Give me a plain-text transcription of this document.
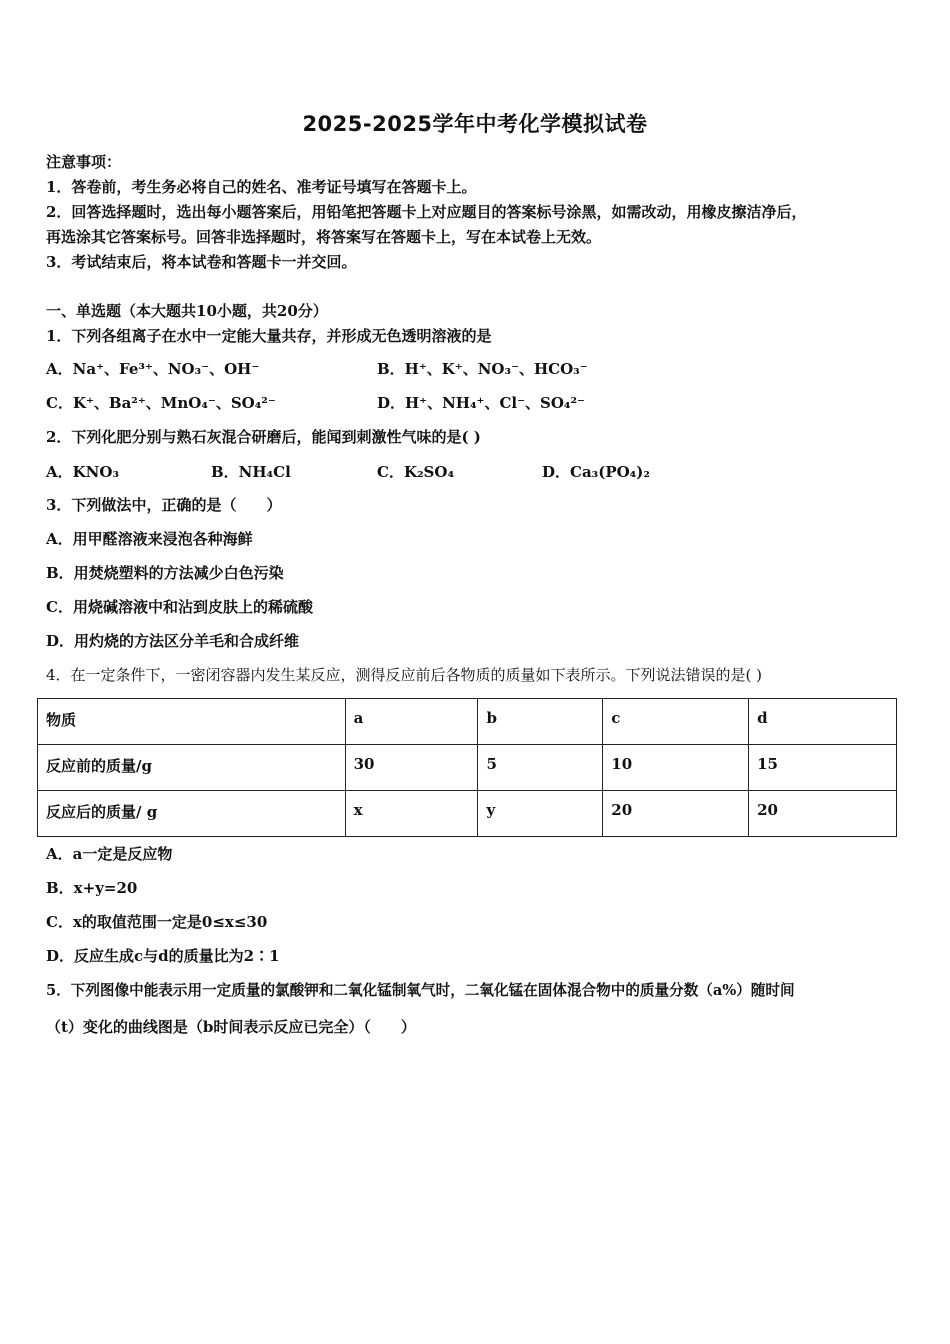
2025-2025学年中考化学模拟试卷
注意事项：
1．答卷前，考生务必将自己的姓名、准考证号填写在答题卡上。
2．回答选择题时，选出每小题答案后，用铅笔把答题卡上对应题目的答案标号涂黑，如需改动，用橡皮擦洁净后，
再选涂其它答案标号。回答非选择题时，将答案写在答题卡上，写在本试卷上无效。
3．考试结束后，将本试卷和答题卡一并交回。
一、单选题（本大题共10小题，共20分）
1．下列各组离子在水中一定能大量共存，并形成无色透明溶液的是
A．Na⁺、Fe³⁺、NO₃⁻、OH⁻	B．H⁺、K⁺、NO₃⁻、HCO₃⁻
C．K⁺、Ba²⁺、MnO₄⁻、SO₄²⁻	D．H⁺、NH₄⁺、Cl⁻、SO₄²⁻
2．下列化肥分别与熟石灰混合研磨后，能闻到刺激性气味的是( )
A．KNO₃	B．NH₄Cl	C．K₂SO₄	D．Ca₃(PO₄)₂
3．下列做法中，正确的是（　　）
A．用甲醛溶液来浸泡各种海鲜
B．用焚烧塑料的方法减少白色污染
C．用烧碱溶液中和沾到皮肤上的稀硫酸
D．用灼烧的方法区分羊毛和合成纤维
4．在一定条件下，一密闭容器内发生某反应，测得反应前后各物质的质量如下表所示。下列说法错误的是( )
物质	a	b	c	d
反应前的质量/g	30	5	10	15
反应后的质量/ g	x	y	20	20
A．a一定是反应物
B．x+y=20
C．x的取值范围一定是0≤x≤30
D．反应生成c与d的质量比为2∶1
5．下列图像中能表示用一定质量的氯酸钾和二氧化锰制氧气时，二氧化锰在固体混合物中的质量分数（a%）随时间
（t）变化的曲线图是（b时间表示反应已完全）（　　）
